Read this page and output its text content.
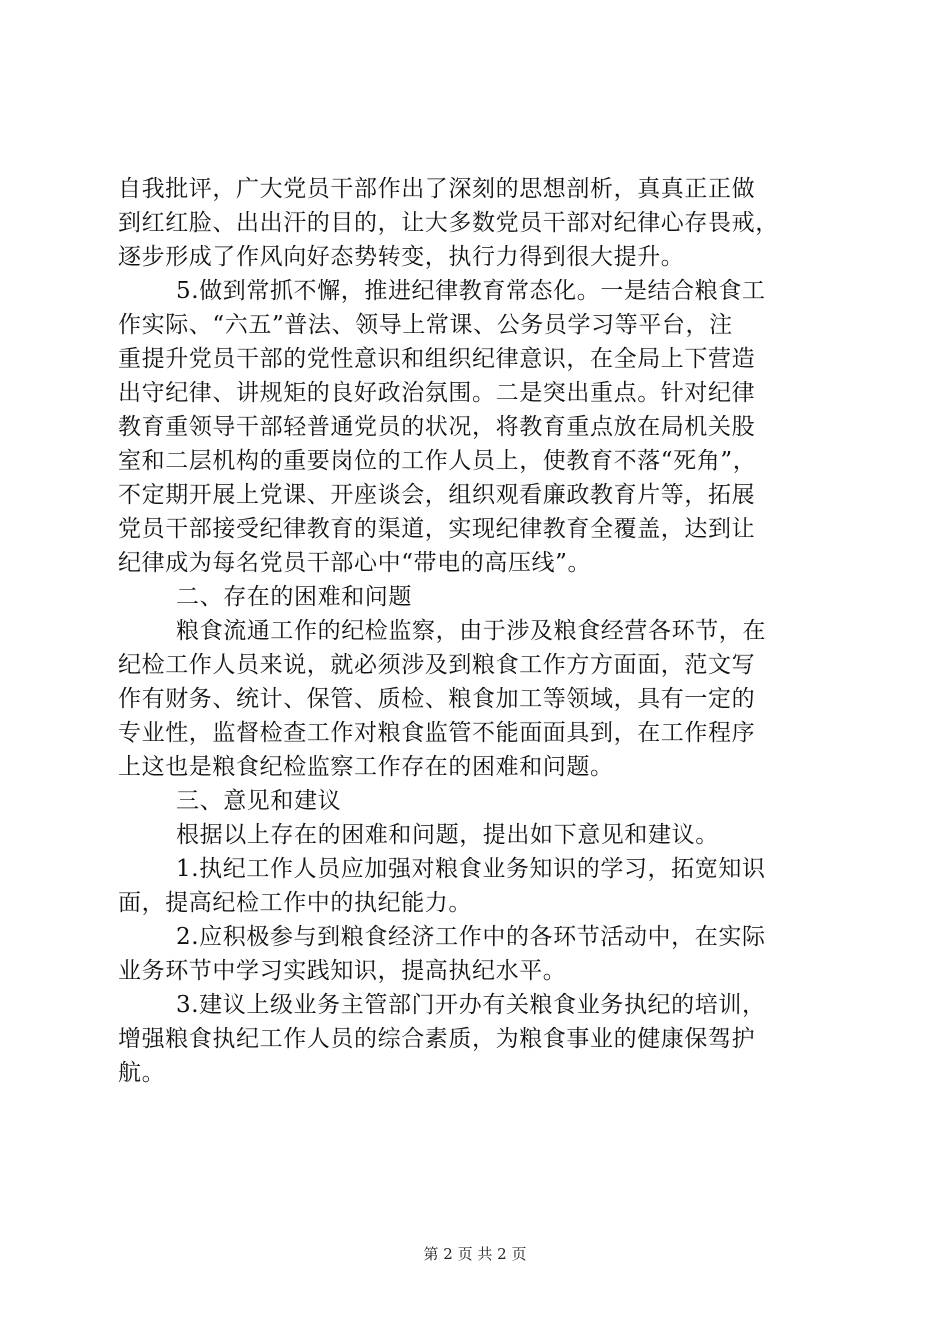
自我批评，广大党员干部作出了深刻的思想剖析，真真正正做
到红红脸、出出汗的目的，让大多数党员干部对纪律心存畏戒，
逐步形成了作风向好态势转变，执行力得到很大提升。
5.做到常抓不懈，推进纪律教育常态化。一是结合粮食工
作实际、“六五”普法、领导上常课、公务员学习等平台，注
重提升党员干部的党性意识和组织纪律意识，在全局上下营造
出守纪律、讲规矩的良好政治氛围。二是突出重点。针对纪律
教育重领导干部轻普通党员的状况，将教育重点放在局机关股
室和二层机构的重要岗位的工作人员上，使教育不落“死角”，
不定期开展上党课、开座谈会，组织观看廉政教育片等，拓展
党员干部接受纪律教育的渠道，实现纪律教育全覆盖，达到让
纪律成为每名党员干部心中“带电的高压线”。
二、存在的困难和问题
粮食流通工作的纪检监察，由于涉及粮食经营各环节，在
纪检工作人员来说，就必须涉及到粮食工作方方面面，范文写
作有财务、统计、保管、质检、粮食加工等领域，具有一定的
专业性，监督检查工作对粮食监管不能面面具到，在工作程序
上这也是粮食纪检监察工作存在的困难和问题。
三、意见和建议
根据以上存在的困难和问题，提出如下意见和建议。
1.执纪工作人员应加强对粮食业务知识的学习，拓宽知识
面，提高纪检工作中的执纪能力。
2.应积极参与到粮食经济工作中的各环节活动中，在实际
业务环节中学习实践知识，提高执纪水平。
3.建议上级业务主管部门开办有关粮食业务执纪的培训，
增强粮食执纪工作人员的综合素质，为粮食事业的健康保驾护
航。
第 2 页 共 2 页
